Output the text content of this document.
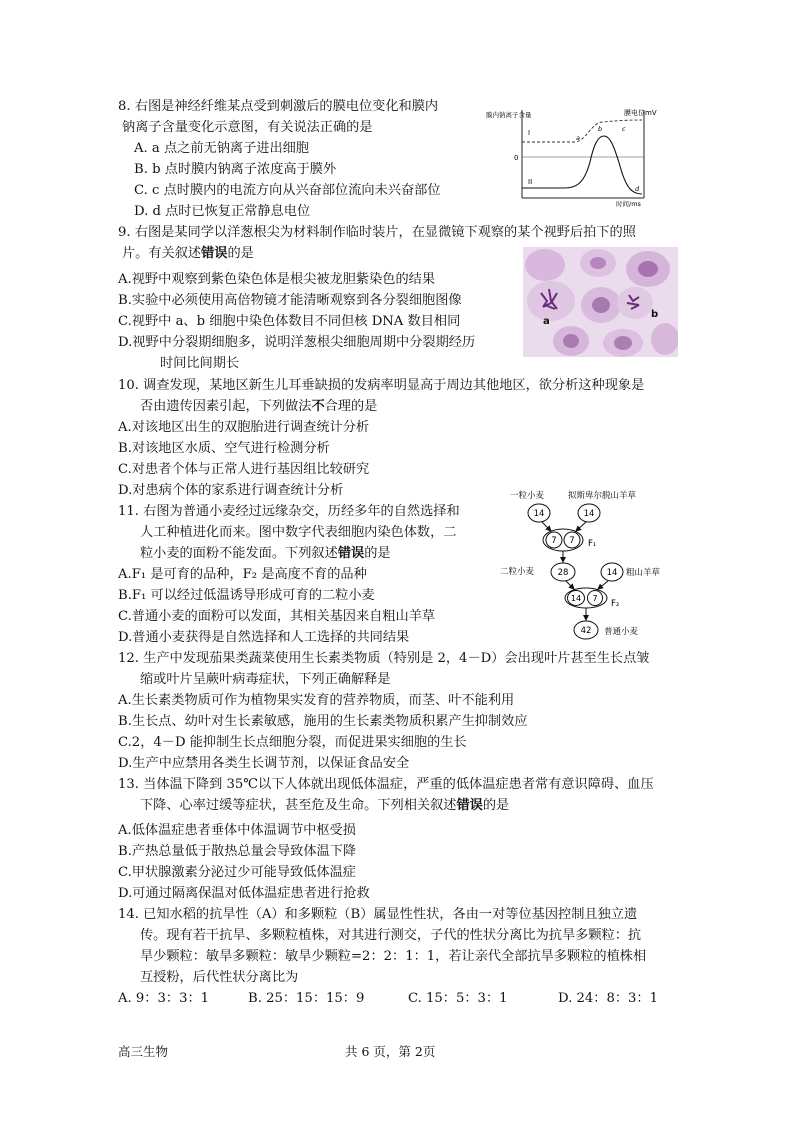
8. 右图是神经纤维某点受到刺激后的膜电位变化和膜内
钠离子含量变化示意图，有关说法正确的是
A. a 点之前无钠离子进出细胞
B. b 点时膜内钠离子浓度高于膜外
C. c 点时膜内的电流方向从兴奋部位流向未兴奋部位
D. d 点时已恢复正常静息电位
膜内钠离子含量	膜电位mV
0
I
II
a
b	c
d
时间/ms
9. 右图是某同学以洋葱根尖为材料制作临时装片，在显微镜下观察的某个视野后拍下的照
片。有关叙述错误的是
A.视野中观察到紫色染色体是根尖被龙胆紫染色的结果
B.实验中必须使用高倍物镜才能清晰观察到各分裂细胞图像
C.视野中 a、b 细胞中染色体数目不同但核 DNA 数目相同
D.视野中分裂期细胞多，说明洋葱根尖细胞周期中分裂期经历
时间比间期长
a
b
10. 调查发现，某地区新生儿耳垂缺损的发病率明显高于周边其他地区，欲分析这种现象是
否由遗传因素引起，下列做法不合理的是
A.对该地区出生的双胞胎进行调查统计分析
B.对该地区水质、空气进行检测分析
C.对患者个体与正常人进行基因组比较研究
D.对患病个体的家系进行调查统计分析
11. 右图为普通小麦经过远缘杂交，历经多年的自然选择和
人工种植进化而来。图中数字代表细胞内染色体数，二
粒小麦的面粉不能发面。下列叙述错误的是
A.F₁ 是可育的品种，F₂ 是高度不育的品种
B.F₁ 可以经过低温诱导形成可育的二粒小麦
C.普通小麦的面粉可以发面，其相关基因来自粗山羊草
D.普通小麦获得是自然选择和人工选择的共同结果
一粒小麦	拟斯卑尔脱山羊草
14	14
7 7 F₁
二粒小麦	28	14 粗山羊草
14 7
F₂
42 普通小麦
12. 生产中发现茄果类蔬菜使用生长素类物质（特别是 2，4－D）会出现叶片甚至生长点皱
缩或叶片呈蕨叶病毒症状，下列正确解释是
A.生长素类物质可作为植物果实发育的营养物质，而茎、叶不能利用
B.生长点、幼叶对生长素敏感，施用的生长素类物质积累产生抑制效应
C.2，4－D 能抑制生长点细胞分裂，而促进果实细胞的生长
D.生产中应禁用各类生长调节剂，以保证食品安全
13. 当体温下降到 35℃以下人体就出现低体温症，严重的低体温症患者常有意识障碍、血压
下降、心率过缓等症状，甚至危及生命。下列相关叙述错误的是
A.低体温症患者垂体中体温调节中枢受损
B.产热总量低于散热总量会导致体温下降
C.甲状腺激素分泌过少可能导致低体温症
D.可通过隔离保温对低体温症患者进行抢救
14. 已知水稻的抗旱性（A）和多颗粒（B）属显性性状，各由一对等位基因控制且独立遗
传。现有若干抗旱、多颗粒植株，对其进行测交，子代的性状分离比为抗旱多颗粒：抗
旱少颗粒：敏旱多颗粒：敏旱少颗粒=2：2：1：1，若让亲代全部抗旱多颗粒的植株相
互授粉，后代性状分离比为
A. 9：3：3：1	B. 25：15：15：9	C. 15：5：3：1	D. 24：8：3：1
高三生物	共 6 页，第 2页
